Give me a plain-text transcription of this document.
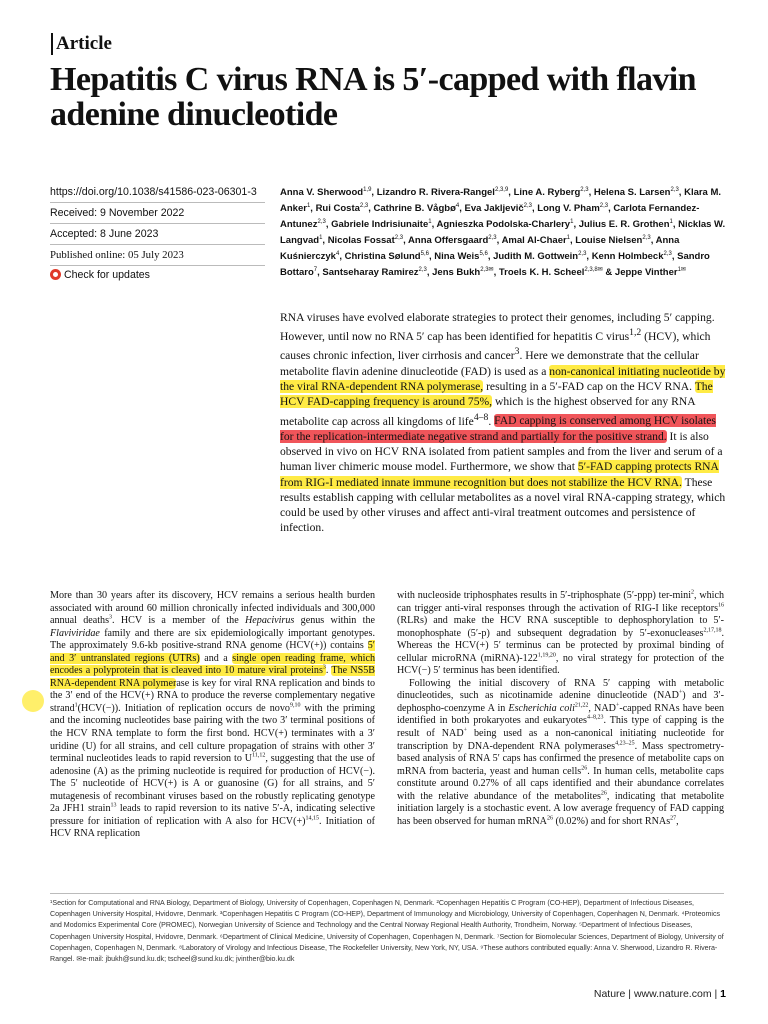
Article
Hepatitis C virus RNA is 5′-capped with flavin adenine dinucleotide
https://doi.org/10.1038/s41586-023-06301-3
Received: 9 November 2022
Accepted: 8 June 2023
Published online: 05 July 2023
Check for updates
Anna V. Sherwood$^{1,9}$, Lizandro R. Rivera-Rangel$^{2,3,9}$, Line A. Ryberg$^{2,3}$, Helena S. Larsen$^{2,3}$, Klara M. Anker$^1$, Rui Costa$^{2,3}$, Cathrine B. Vågbø$^4$, Eva Jakljevič$^{2,3}$, Long V. Pham$^{2,3}$, Carlota Fernandez-Antunez$^{2,3}$, Gabriele Indrisiunaite$^1$, Agnieszka Podolska-Charlery$^1$, Julius E. R. Grothen$^1$, Nicklas W. Langvad$^1$, Nicolas Fossat$^{2,3}$, Anna Offersgaard$^{2,3}$, Amal Al-Chaer$^1$, Louise Nielsen$^{2,3}$, Anna Kuśnierczyk$^4$, Christina Sølund$^{5,6}$, Nina Weis$^{5,6}$, Judith M. Gottwein$^{2,3}$, Kenn Holmbeck$^{2,3}$, Sandro Bottaro$^7$, Santseharay Ramirez$^{2,3}$, Jens Bukh$^{2,3✉}$, Troels K. H. Scheel$^{2,3,8✉}$ & Jeppe Vinther$^{1✉}$
RNA viruses have evolved elaborate strategies to protect their genomes, including 5′ capping. However, until now no RNA 5′ cap has been identified for hepatitis C virus$^{1,2}$ (HCV), which causes chronic infection, liver cirrhosis and cancer$^3$. Here we demonstrate that the cellular metabolite flavin adenine dinucleotide (FAD) is used as a non-canonical initiating nucleotide by the viral RNA-dependent RNA polymerase, resulting in a 5′-FAD cap on the HCV RNA. The HCV FAD-capping frequency is around 75%, which is the highest observed for any RNA metabolite cap across all kingdoms of life$^{4-8}$. FAD capping is conserved among HCV isolates for the replication-intermediate negative strand and partially for the positive strand. It is also observed in vivo on HCV RNA isolated from patient samples and from the liver and serum of a human liver chimeric mouse model. Furthermore, we show that 5′-FAD capping protects RNA from RIG-I mediated innate immune recognition but does not stabilize the HCV RNA. These results establish capping with cellular metabolites as a novel viral RNA-capping strategy, which could be used by other viruses and affect anti-viral treatment outcomes and persistence of infection.

More than 30 years after its discovery, HCV remains a serious health burden associated with around 60 million chronically infected individuals and 300,000 annual deaths$^3$. HCV is a member of the Hepacivirus genus within the Flaviviridae family and there are six epidemiologically important genotypes. The approximately 9.6-kb positive-strand RNA genome (HCV(+)) contains 5′ and 3′ untranslated regions (UTRs) and a single open reading frame, which encodes a polyprotein that is cleaved into 10 mature viral proteins$^3$. The NS5B RNA-dependent RNA polymerase is key for viral RNA replication and binds to the 3′ end of the HCV(+) RNA to produce the reverse complementary negative strand$^1$(HCV(−)). Initiation of replication occurs de novo$^{9,10}$ with the priming and the incoming nucleotides base pairing with the two 3′ terminal positions of the HCV RNA template to form the first bond. HCV(+) terminates with a 3′ uridine (U) for all strains, and cell culture propagation of strains with other 3′ terminal nucleotides leads to rapid reversion to U$^{11,12}$, suggesting that the use of adenosine (A) as the priming nucleotide is required for production of HCV(−). The 5′ nucleotide of HCV(+) is A or guanosine (G) for all strains, and 5′ mutagenesis of recombinant viruses based on the robustly replicating genotype 2a JFH1 strain$^{13}$ leads to rapid reversion to its native 5′-A, indicating selective pressure for initiation of replication with A also for $HCV(+)^{14,15}$. Initiation of HCV RNA replication

with nucleoside triphosphates results in 5′-triphosphate (5′-ppp) ter-mini$^2$, which can trigger anti-viral responses through the activation of RIG-I like receptors$^{16}$ (RLRs) and make the HCV RNA susceptible to dephosphorylation to 5′-monophosphate (5′-p) and subsequent degradation by 5′-exonucleases$^{2,17,18}$. Whereas the HCV(+) 5′ terminus can be protected by proximal binding of cellular microRNA (miRNA)-122$^{1,19,20}$, no viral strategy for protection of the HCV(−) 5′ terminus has been identified.

Following the initial discovery of RNA 5′ capping with metabolic dinucleotides, such as nicotinamide adenine dinucleotide (NAD+) and 3′-dephospho-coenzyme A in Escherichia coli$^{21,22}$, NAD+-capped RNAs have been identified in both prokaryotes and eukaryotes$^{4-8,23}$. This type of capping is the result of NAD+ being used as a non-canonical initiating nucleotide for transcription by DNA-dependent RNA polymerases$^{4,23-25}$. Mass spectrometry-based analysis of RNA 5′ caps has confirmed the presence of metabolite caps on mRNA from bacteria, yeast and human cells$^{26}$. In human cells, metabolite caps constitute around 0.27% of all caps identified and their abundance correlates with the relative abundance of the metabolites$^{26}$, indicating that metabolite initiation largely is a stochastic event. A low average frequency of FAD capping has been observed for human mRNA$^{26}$ (0.02%) and for short RNAs$^{27}$,

¹Section for Computational and RNA Biology, Department of Biology, University of Copenhagen, Copenhagen N, Denmark. ²Copenhagen Hepatitis C Program (CO-HEP), Department of Infectious Diseases, Copenhagen University Hospital, Hvidovre, Denmark. ³Copenhagen Hepatitis C Program (CO-HEP), Department of Immunology and Microbiology, University of Copenhagen, Copenhagen N, Denmark. ⁴Proteomics and Modomics Experimental Core (PROMEC), Norwegian University of Science and Technology and the Central Norway Regional Health Authority, Trondheim, Norway. ⁵Department of Infectious Diseases, Copenhagen University Hospital, Hvidovre, Denmark. ⁶Department of Clinical Medicine, University of Copenhagen, Copenhagen N, Denmark. ⁷Section for Biomolecular Sciences, Department of Biology, University of Copenhagen, Copenhagen N, Denmark. ⁸Laboratory of Virology and Infectious Disease, The Rockefeller University, New York, NY, USA. ⁹These authors contributed equally: Anna V. Sherwood, Lizandro R. Rivera-Rangel. ✉e-mail: jbukh@sund.ku.dk; tscheel@sund.ku.dk; jvinther@bio.ku.dk
Nature | www.nature.com | 1
